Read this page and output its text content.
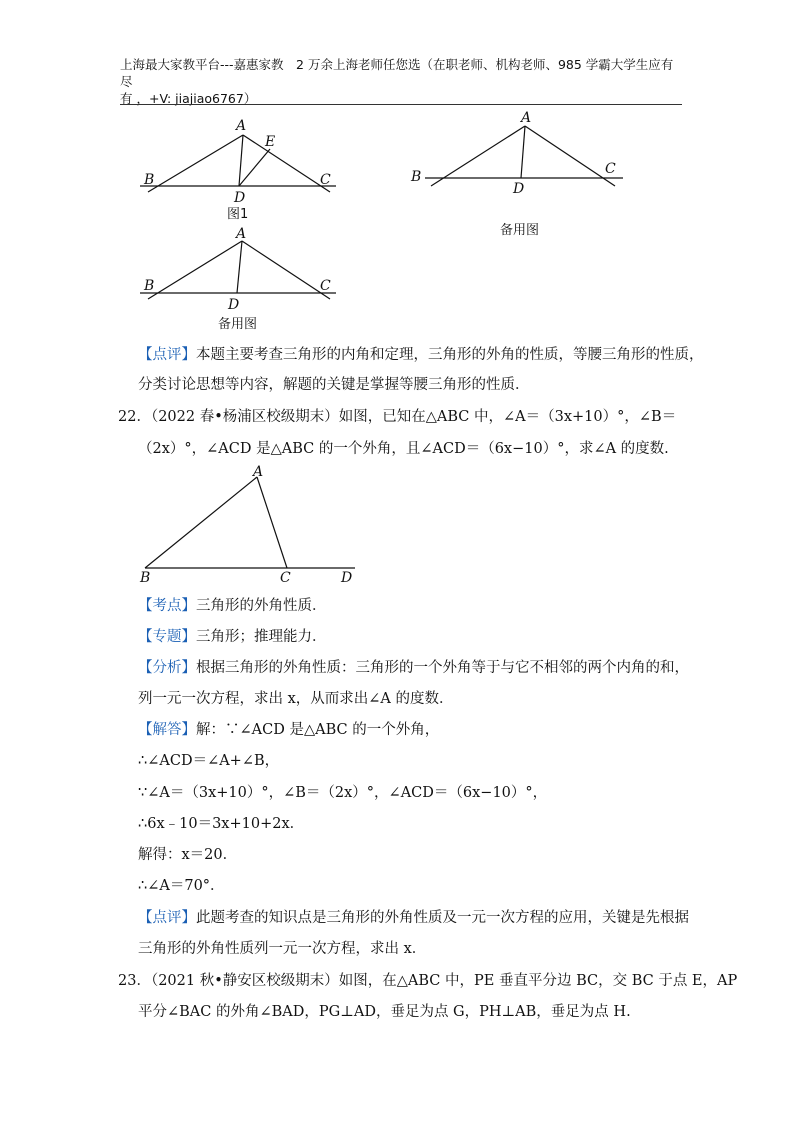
上海最大家教平台---嘉惠家教　2 万余上海老师任您选（在职老师、机构老师、985 学霸大学生应有尽
有 ，+V: jiajiao6767）
A
E
B	C
D
图1
A
B	C
D
备用图
A
B	C
D
备用图
【点评】本题主要考查三角形的内角和定理，三角形的外角的性质，等腰三角形的性质，
分类讨论思想等内容，解题的关键是掌握等腰三角形的性质．
22．（2022 春•杨浦区校级期末）如图，已知在△ABC 中，∠A＝（3x+10）°，∠B＝
（2x）°，∠ACD 是△ABC 的一个外角，且∠ACD＝（6x−10）°，求∠A 的度数.
A
B	C	D
【考点】三角形的外角性质．
【专题】三角形；推理能力．
【分析】根据三角形的外角性质：三角形的一个外角等于与它不相邻的两个内角的和，
列一元一次方程，求出 x，从而求出∠A 的度数．
【解答】解：∵∠ACD 是△ABC 的一个外角，
∴∠ACD＝∠A+∠B，
∵∠A＝（3x+10）°，∠B＝（2x）°，∠ACD＝（6x−10）°，
∴6x﹣10＝3x+10+2x．
解得：x＝20．
∴∠A＝70°．
【点评】此题考查的知识点是三角形的外角性质及一元一次方程的应用，关键是先根据
三角形的外角性质列一元一次方程，求出 x．
23．（2021 秋•静安区校级期末）如图，在△ABC 中，PE 垂直平分边 BC，交 BC 于点 E，AP
平分∠BAC 的外角∠BAD，PG⊥AD，垂足为点 G，PH⊥AB，垂足为点 H.
